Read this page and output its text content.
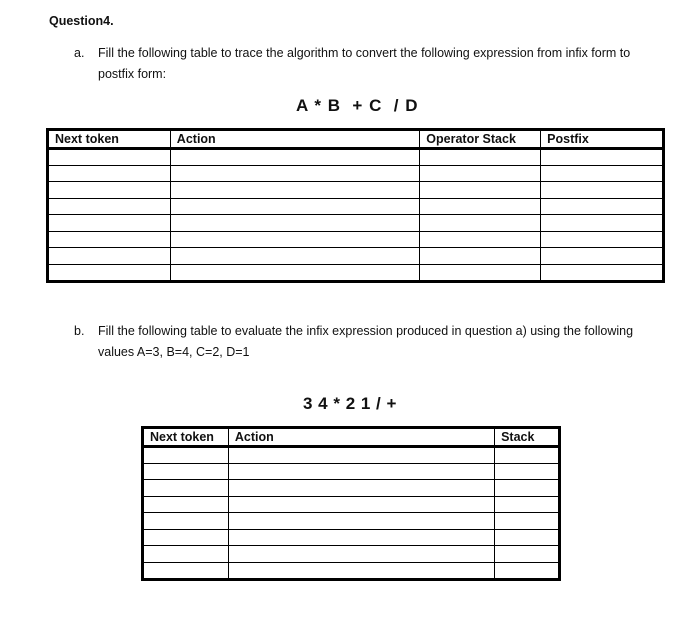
Question4.
a. Fill the following table to trace the algorithm to convert the following expression from infix form to postfix form:
A * B  + C  / D
Next token	Action	Operator Stack	Postfix

b. Fill the following table to evaluate the infix expression produced in question a) using the following values A=3, B=4, C=2, D=1
3 4 * 2 1 / +
Next token	Action	Stack
